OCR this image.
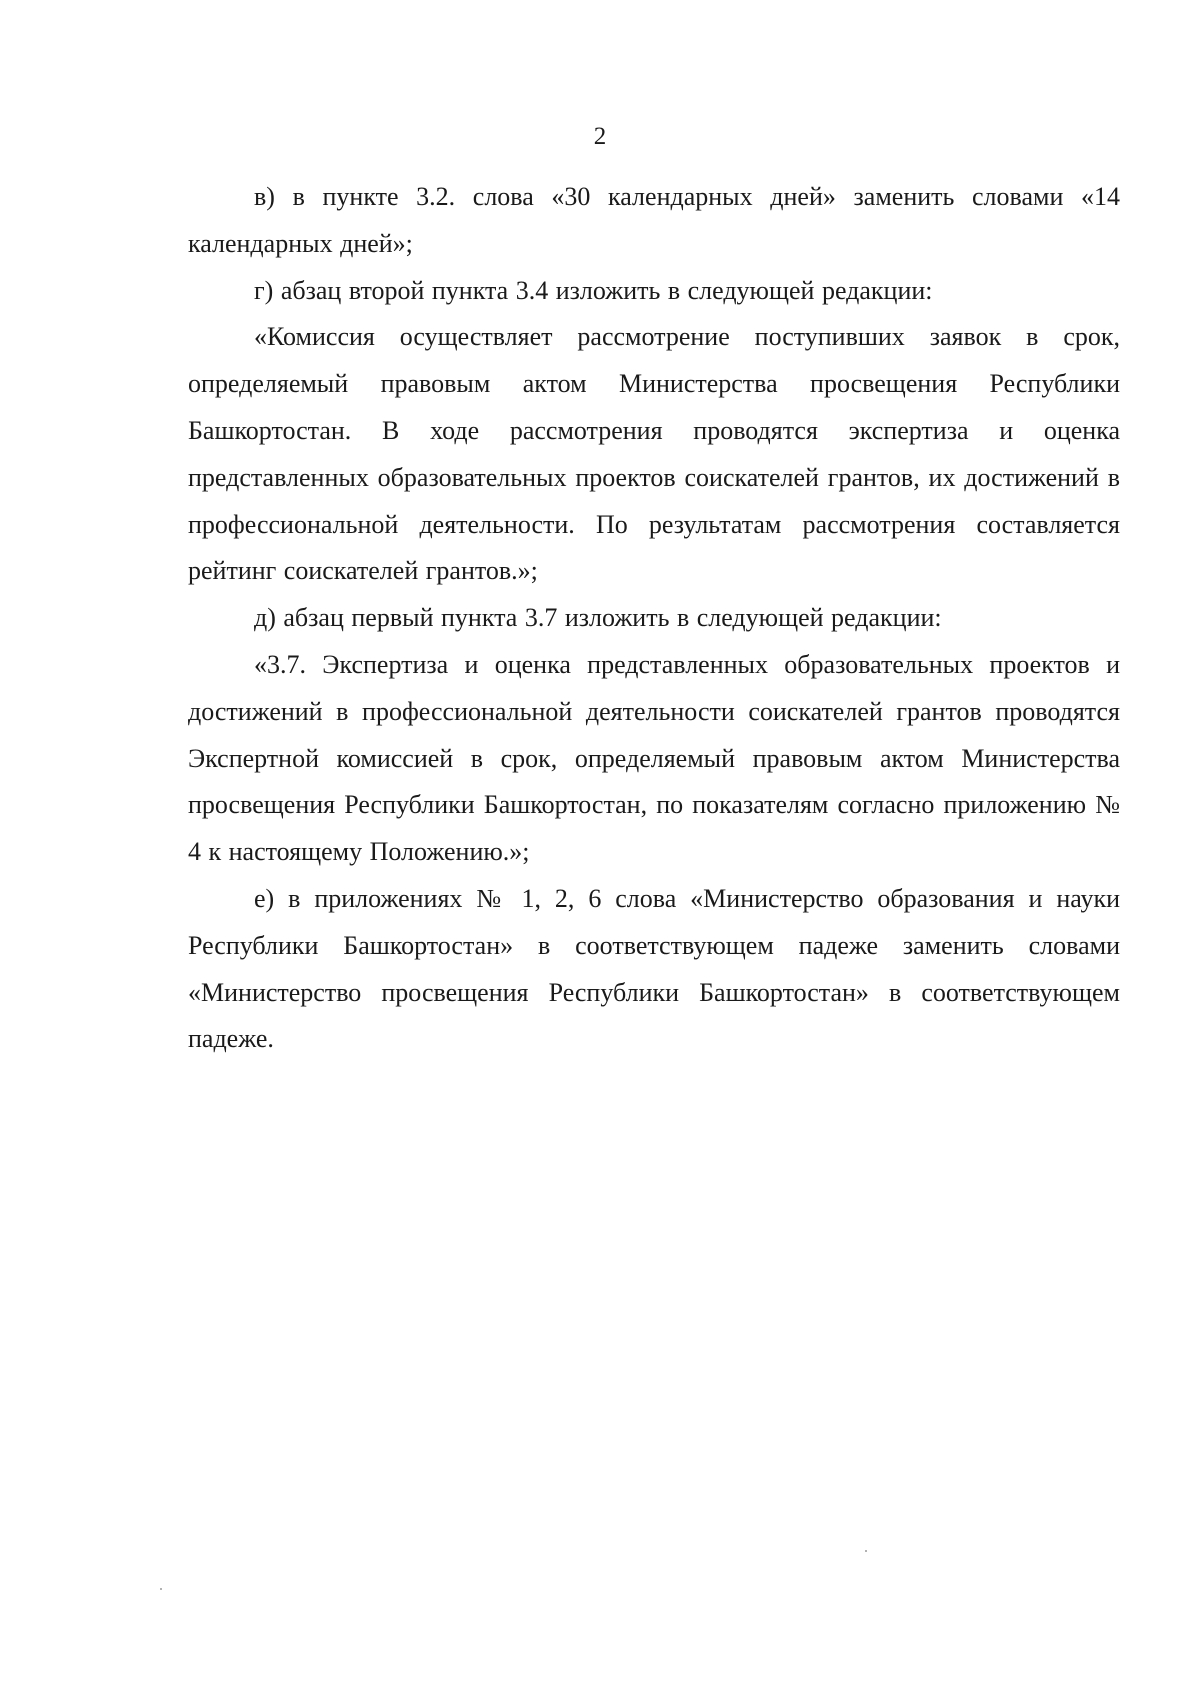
2

в) в пункте 3.2. слова «30 календарных дней» заменить словами «14 календарных дней»;

г) абзац второй пункта 3.4 изложить в следующей редакции:

«Комиссия осуществляет рассмотрение поступивших заявок в срок, определяемый правовым актом Министерства просвещения Республики Башкортостан. В ходе рассмотрения проводятся экспертиза и оценка представленных образовательных проектов соискателей грантов, их достижений в профессиональной деятельности. По результатам рассмотрения составляется рейтинг соискателей грантов.»;

д) абзац первый пункта 3.7 изложить в следующей редакции:

«3.7. Экспертиза и оценка представленных образовательных проектов и достижений в профессиональной деятельности соискателей грантов проводятся Экспертной комиссией в срок, определяемый правовым актом Министерства просвещения Республики Башкортостан, по показателям согласно приложению № 4 к настоящему Положению.»;

е) в приложениях № 1, 2, 6 слова «Министерство образования и науки Республики Башкортостан» в соответствующем падеже заменить словами «Министерство просвещения Республики Башкортостан» в соответствующем падеже.
